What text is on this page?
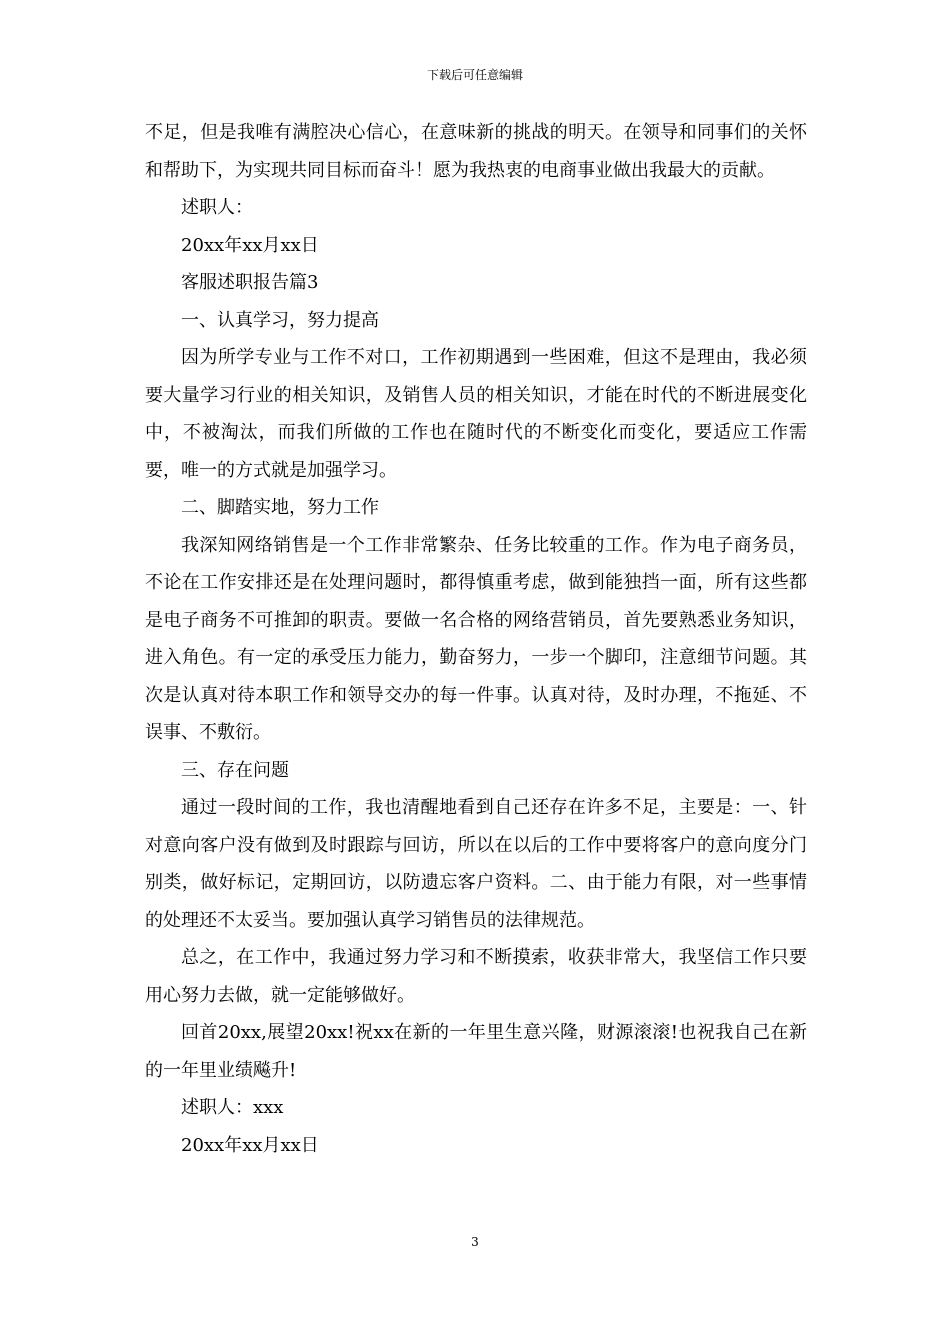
下载后可任意编辑

不足，但是我唯有满腔决心信心，在意味新的挑战的明天。在领导和同事们的关怀和帮助下，为实现共同目标而奋斗！愿为我热衷的电商事业做出我最大的贡献。

述职人：

20xx年xx月xx日

客服述职报告篇3

一、认真学习，努力提高

因为所学专业与工作不对口，工作初期遇到一些困难，但这不是理由，我必须要大量学习行业的相关知识，及销售人员的相关知识，才能在时代的不断进展变化中，不被淘汰，而我们所做的工作也在随时代的不断变化而变化，要适应工作需要，唯一的方式就是加强学习。

二、脚踏实地，努力工作

我深知网络销售是一个工作非常繁杂、任务比较重的工作。作为电子商务员，不论在工作安排还是在处理问题时，都得慎重考虑，做到能独挡一面，所有这些都是电子商务不可推卸的职责。要做一名合格的网络营销员，首先要熟悉业务知识，进入角色。有一定的承受压力能力，勤奋努力，一步一个脚印，注意细节问题。其次是认真对待本职工作和领导交办的每一件事。认真对待，及时办理，不拖延、不误事、不敷衍。

三、存在问题

通过一段时间的工作，我也清醒地看到自己还存在许多不足，主要是：一、针对意向客户没有做到及时跟踪与回访，所以在以后的工作中要将客户的意向度分门别类，做好标记，定期回访，以防遗忘客户资料。二、由于能力有限，对一些事情的处理还不太妥当。要加强认真学习销售员的法律规范。

总之，在工作中，我通过努力学习和不断摸索，收获非常大，我坚信工作只要用心努力去做，就一定能够做好。

回首20xx,展望20xx!祝xx在新的一年里生意兴隆，财源滚滚!也祝我自己在新的一年里业绩飚升!

述职人：xxx

20xx年xx月xx日

3
